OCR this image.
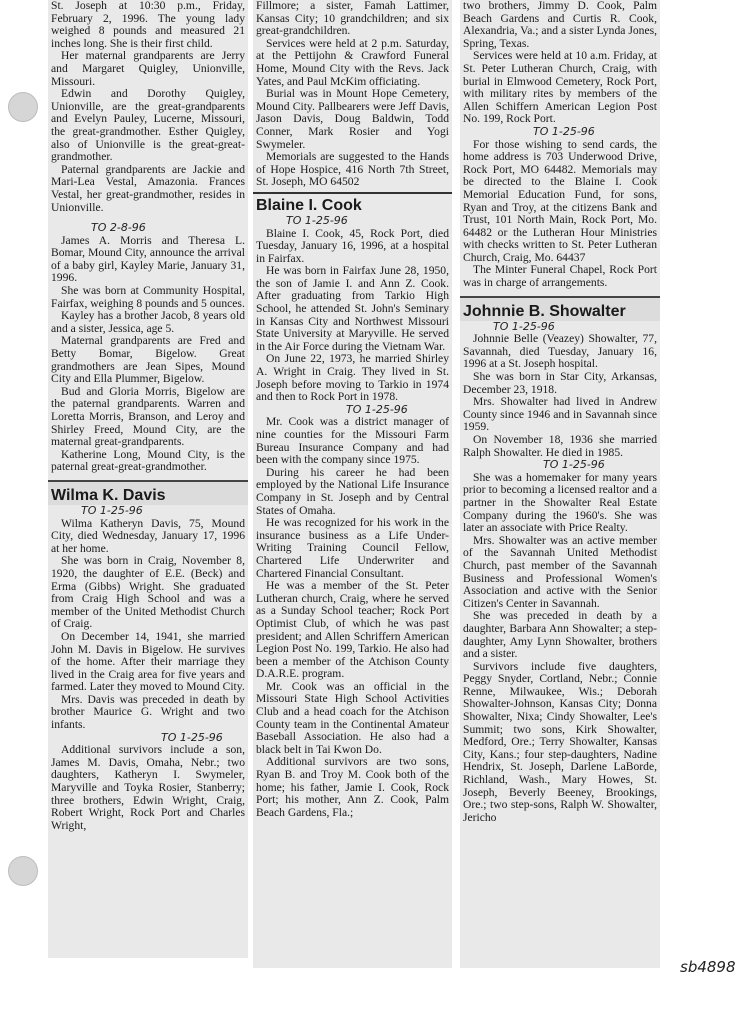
St. Joseph at 10:30 p.m., Friday, February 2, 1996. The young lady weighed 8 pounds and measured 21 inches long. She is their first child.

Her maternal grandparents are Jerry and Margaret Quigley, Unionville, Missouri.

Edwin and Dorothy Quigley, Unionville, are the great-grandparents and Evelyn Pauley, Lucerne, Missouri, the great-grandmother. Esther Quigley, also of Unionville is the great-great-grandmother.

Paternal grandparents are Jackie and Mari-Lea Vestal, Amazonia. Frances Vestal, her great-grandmother, resides in Unionville.

TO 2-8-96

James A. Morris and Theresa L. Bomar, Mound City, announce the arrival of a baby girl, Kayley Marie, January 31, 1996.

She was born at Community Hospital, Fairfax, weighing 8 pounds and 5 ounces.

Kayley has a brother Jacob, 8 years old and a sister, Jessica, age 5.

Maternal grandparents are Fred and Betty Bomar, Bigelow. Great grandmothers are Jean Sipes, Mound City and Ella Plummer, Bigelow.

Bud and Gloria Morris, Bigelow are the paternal grandparents. Warren and Loretta Morris, Branson, and Leroy and Shirley Freed, Mound City, are the maternal great-grandparents.

Katherine Long, Mound City, is the paternal great-great-grandmother.

Wilma K. Davis

TO 1-25-96

Wilma Katheryn Davis, 75, Mound City, died Wednesday, January 17, 1996 at her home.

She was born in Craig, November 8, 1920, the daughter of E.E. (Beck) and Erma (Gibbs) Wright. She graduated from Craig High School and was a member of the United Methodist Church of Craig.

On December 14, 1941, she married John M. Davis in Bigelow. He survives of the home. After their marriage they lived in the Craig area for five years and farmed. Later they moved to Mound City.

Mrs. Davis was preceded in death by brother Maurice G. Wright and two infants.

TO 1-25-96

Additional survivors include a son, James M. Davis, Omaha, Nebr.; two daughters, Katheryn I. Swymeler, Maryville and Toyka Rosier, Stanberry; three brothers, Edwin Wright, Craig, Robert Wright, Rock Port and Charles Wright,

Fillmore; a sister, Famah Lattimer, Kansas City; 10 grandchildren; and six great-grandchildren.

Services were held at 2 p.m. Saturday, at the Pettijohn & Crawford Funeral Home, Mound City with the Revs. Jack Yates, and Paul McKim officiating.

Burial was in Mount Hope Cemetery, Mound City. Pallbearers were Jeff Davis, Jason Davis, Doug Baldwin, Todd Conner, Mark Rosier and Yogi Swymeler.

Memorials are suggested to the Hands of Hope Hospice, 416 North 7th Street, St. Joseph, MO 64502

Blaine I. Cook

TO 1-25-96

Blaine I. Cook, 45, Rock Port, died Tuesday, January 16, 1996, at a hospital in Fairfax.

He was born in Fairfax June 28, 1950, the son of Jamie I. and Ann Z. Cook. After graduating from Tarkio High School, he attended St. John's Seminary in Kansas City and Northwest Missouri State University at Maryville. He served in the Air Force during the Vietnam War.

On June 22, 1973, he married Shirley A. Wright in Craig. They lived in St. Joseph before moving to Tarkio in 1974 and then to Rock Port in 1978.

TO 1-25-96

Mr. Cook was a district manager of nine counties for the Missouri Farm Bureau Insurance Company and had been with the company since 1975.

During his career he had been employed by the National Life Insurance Company in St. Joseph and by Central States of Omaha.

He was recognized for his work in the insurance business as a Life Under-Writing Training Council Fellow, Chartered Life Underwriter and Chartered Financial Consultant.

He was a member of the St. Peter Lutheran church, Craig, where he served as a Sunday School teacher; Rock Port Optimist Club, of which he was past president; and Allen Schriffern American Legion Post No. 199, Tarkio. He also had been a member of the Atchison County D.A.R.E. program.

Mr. Cook was an official in the Missouri State High School Activities Club and a head coach for the Atchison County team in the Continental Amateur Baseball Association. He also had a black belt in Tai Kwon Do.

Additional survivors are two sons, Ryan B. and Troy M. Cook both of the home; his father, Jamie I. Cook, Rock Port; his mother, Ann Z. Cook, Palm Beach Gardens, Fla.;

two brothers, Jimmy D. Cook, Palm Beach Gardens and Curtis R. Cook, Alexandria, Va.; and a sister Lynda Jones, Spring, Texas.

Services were held at 10 a.m. Friday, at St. Peter Lutheran Church, Craig, with burial in Elmwood Cemetery, Rock Port, with military rites by members of the Allen Schiffern American Legion Post No. 199, Rock Port.

TO 1-25-96

For those wishing to send cards, the home address is 703 Underwood Drive, Rock Port, MO 64482. Memorials may be directed to the Blaine I. Cook Memorial Education Fund, for sons, Ryan and Troy, at the citizens Bank and Trust, 101 North Main, Rock Port, Mo. 64482 or the Lutheran Hour Ministries with checks written to St. Peter Lutheran Church, Craig, Mo. 64437

The Minter Funeral Chapel, Rock Port was in charge of arrangements.

Johnnie B. Showalter

TO 1-25-96

Johnnie Belle (Veazey) Showalter, 77, Savannah, died Tuesday, January 16, 1996 at a St. Joseph hospital.

She was born in Star City, Arkansas, December 23, 1918.

Mrs. Showalter had lived in Andrew County since 1946 and in Savannah since 1959.

On November 18, 1936 she married Ralph Showalter. He died in 1985.

TO 1-25-96

She was a homemaker for many years prior to becoming a licensed realtor and a partner in the Showalter Real Estate Company during the 1960's. She was later an associate with Price Realty.

Mrs. Showalter was an active member of the Savannah United Methodist Church, past member of the Savannah Business and Professional Women's Association and active with the Senior Citizen's Center in Savannah.

She was preceded in death by a daughter, Barbara Ann Showalter; a step-daughter, Amy Lynn Showalter, brothers and a sister.

Survivors include five daughters, Peggy Snyder, Cortland, Nebr.; Connie Renne, Milwaukee, Wis.; Deborah Showalter-Johnson, Kansas City; Donna Showalter, Nixa; Cindy Showalter, Lee's Summit; two sons, Kirk Showalter, Medford, Ore.; Terry Showalter, Kansas City, Kans.; four step-daughters, Nadine Hendrix, St. Joseph, Darlene LaBorde, Richland, Wash., Mary Howes, St. Joseph, Beverly Beeney, Brookings, Ore.; two step-sons, Ralph W. Showalter, Jericho

sb4898
